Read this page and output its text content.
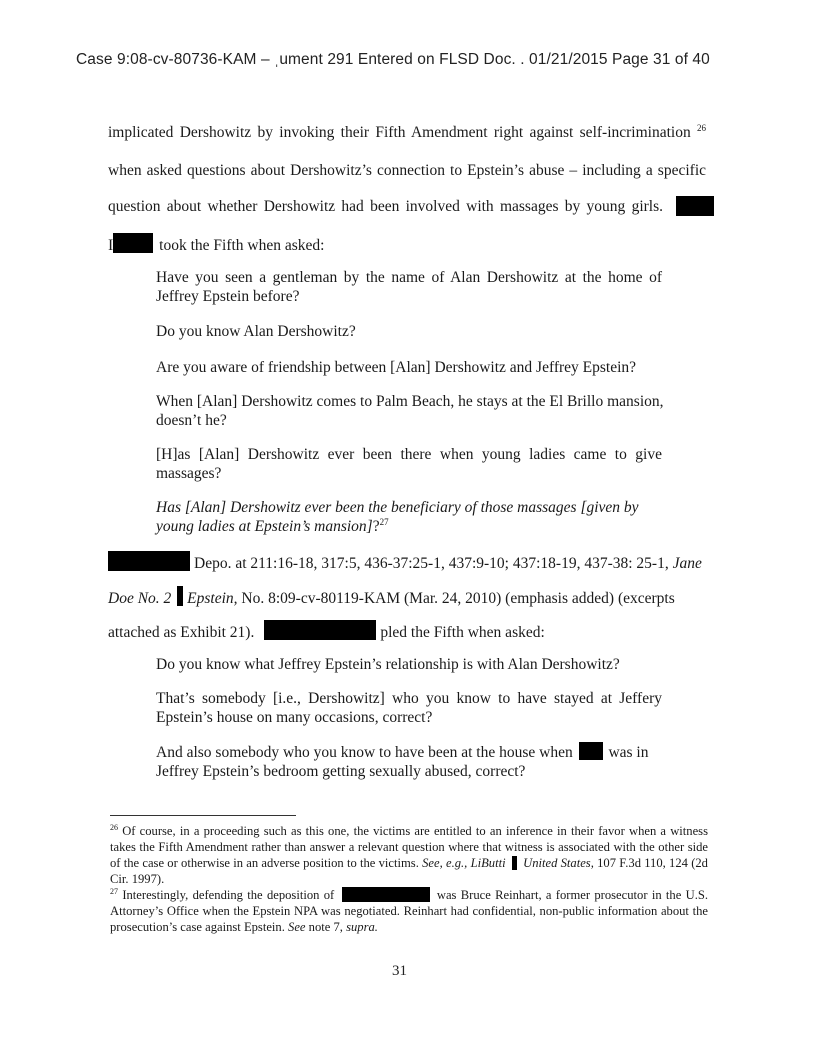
Case 9:08-cv-80736-KAM – ˌument 291 Entered on FLSD Doc. . 01/21/2015 Page 31 of 40
implicated Dershowitz by invoking their Fifth Amendment right against self-incrimination $^{26}$
when asked questions about Dershowitz’s connection to Epstein’s abuse – including a specific
question about whether Dershowitz had been involved with massages by young girls.
I	took the Fifth when asked:
Have you seen a gentleman by the name of Alan Dershowitz at the home of Jeffrey Epstein before?
Do you know Alan Dershowitz?
Are you aware of friendship between [Alan] Dershowitz and Jeffrey Epstein?
When [Alan] Dershowitz comes to Palm Beach, he stays at the El Brillo mansion, doesn’t he?
[H]as [Alan] Dershowitz ever been there when young ladies came to give massages?
Has [Alan] Dershowitz ever been the beneficiary of those massages [given by young ladies at Epstein’s mansion]?$^{27}$
Depo. at 211:16-18, 317:5, 436-37:25-1, 437:9-10; 437:18-19, 437-38: 25-1, Jane
Doe No. 2 Epstein, No. 8:09-cv-80119-KAM (Mar. 24, 2010) (emphasis added) (excerpts
attached as Exhibit 21).	pled the Fifth when asked:
Do you know what Jeffrey Epstein’s relationship is with Alan Dershowitz?
That’s somebody [i.e., Dershowitz] who you know to have stayed at Jeffery Epstein’s house on many occasions, correct?
And also somebody who you know to have been at the house when was in Jeffrey Epstein’s bedroom getting sexually abused, correct?
$^{26}$ Of course, in a proceeding such as this one, the victims are entitled to an inference in their favor when a witness takes the Fifth Amendment rather than answer a relevant question where that witness is associated with the other side of the case or otherwise in an adverse position to the victims. See, e.g., LiButti United States, 107 F.3d 110, 124 (2d Cir. 1997).
$^{27}$ Interestingly, defending the deposition of	was Bruce Reinhart, a former prosecutor in the U.S. Attorney’s Office when the Epstein NPA was negotiated. Reinhart had confidential, non-public information about the prosecution’s case against Epstein. See note 7, supra.
31
